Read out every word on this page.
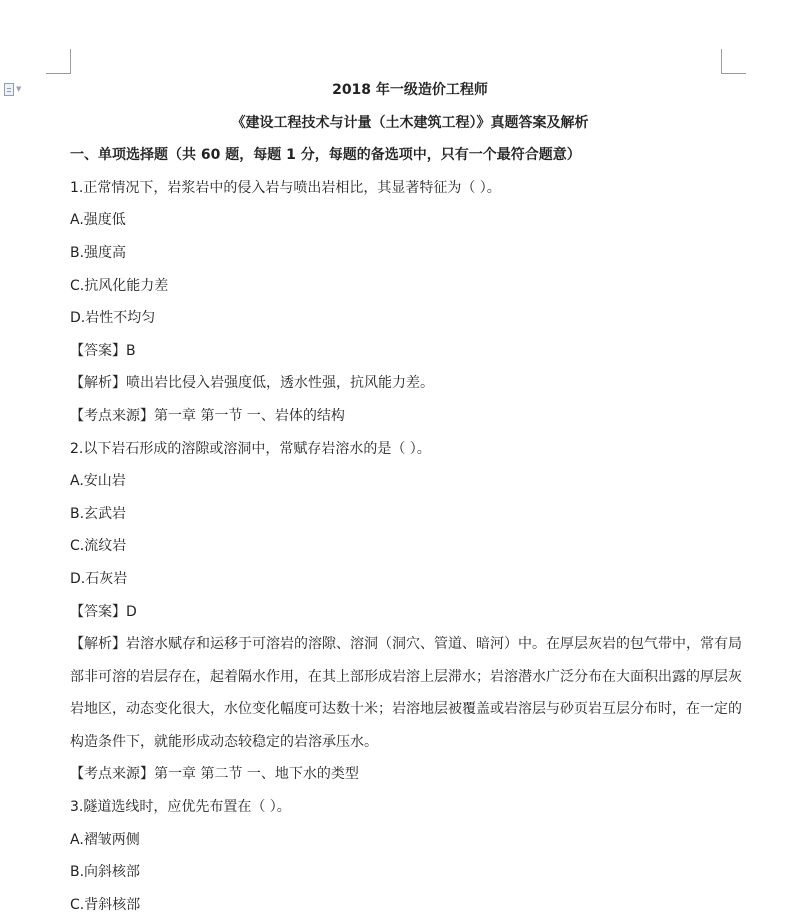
▼	2018 年一级造价工程师
《建设工程技术与计量（土木建筑工程）》真题答案及解析
一、单项选择题（共 60 题，每题 1 分，每题的备选项中，只有一个最符合题意）
1.正常情况下，岩浆岩中的侵入岩与喷出岩相比，其显著特征为（ ）。
A.强度低
B.强度高
C.抗风化能力差
D.岩性不均匀
【答案】B
【解析】喷出岩比侵入岩强度低，透水性强，抗风能力差。
【考点来源】第一章 第一节 一、岩体的结构
2.以下岩石形成的溶隙或溶洞中，常赋存岩溶水的是（ ）。
A.安山岩
B.玄武岩
C.流纹岩
D.石灰岩
【答案】D

【解析】岩溶水赋存和运移于可溶岩的溶隙、溶洞（洞穴、管道、暗河）中。在厚层灰岩的包气带中，常有局部非可溶的岩层存在，起着隔水作用，在其上部形成岩溶上层滞水；岩溶潜水广泛分布在大面积出露的厚层灰岩地区，动态变化很大，水位变化幅度可达数十米；岩溶地层被覆盖或岩溶层与砂页岩互层分布时，在一定的构造条件下，就能形成动态较稳定的岩溶承压水。

【考点来源】第一章 第二节 一、地下水的类型
3.隧道选线时，应优先布置在（ ）。
A.褶皱两侧
B.向斜核部
C.背斜核部
